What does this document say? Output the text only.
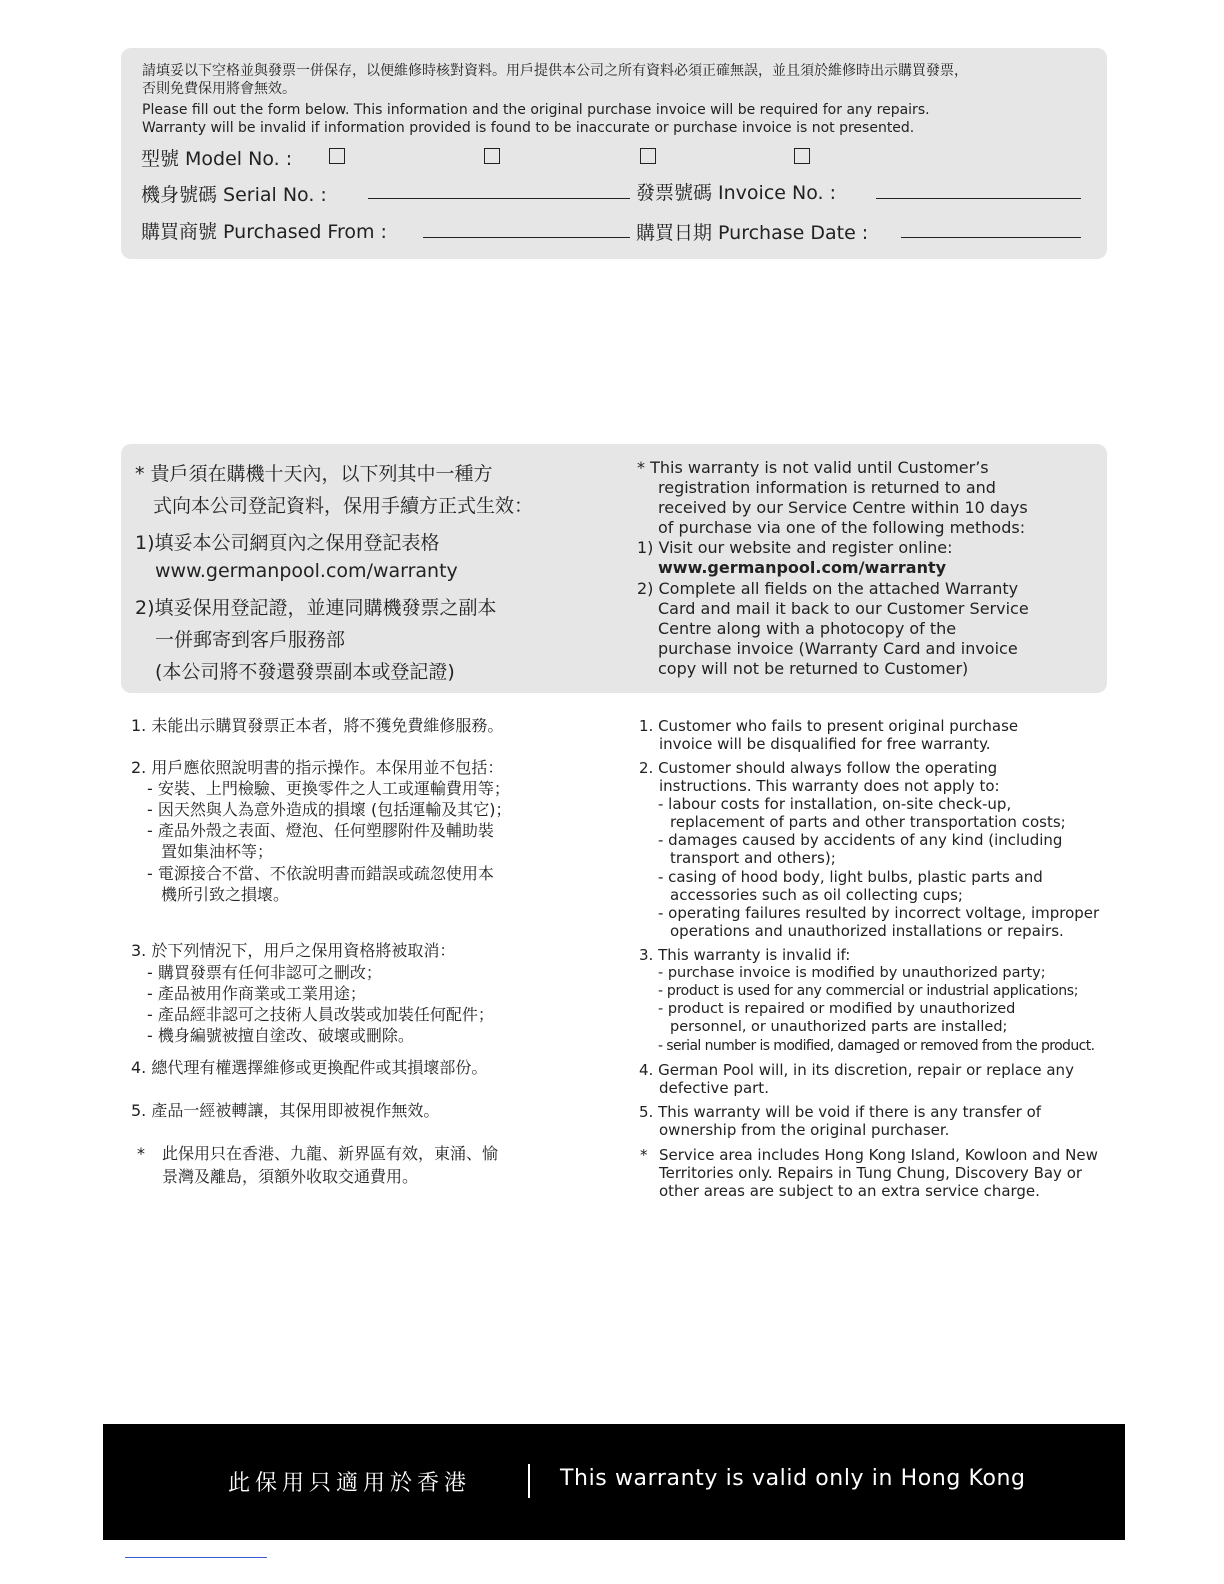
請填妥以下空格並與發票一併保存，以便維修時核對資料。用戶提供本公司之所有資料必須正確無誤，並且須於維修時出示購買發票，
否則免費保用將會無效。
Please fill out the form below. This information and the original purchase invoice will be required for any repairs.
Warranty will be invalid if information provided is found to be inaccurate or purchase invoice is not presented.
型號 Model No. :
機身號碼 Serial No. :	發票號碼 Invoice No. :
購買商號 Purchased From :	購買日期 Purchase Date :
* 貴戶須在購機十天內，以下列其中一種方
式向本公司登記資料，保用手續方正式生效：
1)填妥本公司網頁內之保用登記表格
www.germanpool.com/warranty
2)填妥保用登記證，並連同購機發票之副本
一併郵寄到客戶服務部
(本公司將不發還發票副本或登記證)
* This warranty is not valid until Customer’s
registration information is returned to and
received by our Service Centre within 10 days
of purchase via one of the following methods:
1) Visit our website and register online:
www.germanpool.com/warranty
2) Complete all fields on the attached Warranty
Card and mail it back to our Customer Service
Centre along with a photocopy of the
purchase invoice (Warranty Card and invoice
copy will not be returned to Customer)
1. 未能出示購買發票正本者，將不獲免費維修服務。
2. 用戶應依照說明書的指示操作。本保用並不包括：
- 安裝、上門檢驗、更換零件之人工或運輸費用等；
- 因天然與人為意外造成的損壞 (包括運輸及其它)；
- 產品外殼之表面、燈泡、任何塑膠附件及輔助裝
置如集油杯等；
- 電源接合不當、不依說明書而錯誤或疏忽使用本
機所引致之損壞。
3. 於下列情況下，用戶之保用資格將被取消：
- 購買發票有任何非認可之刪改；
- 產品被用作商業或工業用途；
- 產品經非認可之技術人員改裝或加裝任何配件；
- 機身編號被擅自塗改、破壞或刪除。
4. 總代理有權選擇維修或更換配件或其損壞部份。
5. 產品一經被轉讓，其保用即被視作無效。
* 此保用只在香港、九龍、新界區有效，東涌、愉
景灣及離島，須額外收取交通費用。
1. Customer who fails to present original purchase
invoice will be disqualified for free warranty.
2. Customer should always follow the operating
instructions. This warranty does not apply to:
- labour costs for installation, on-site check-up,
replacement of parts and other transportation costs;
- damages caused by accidents of any kind (including
transport and others);
- casing of hood body, light bulbs, plastic parts and
accessories such as oil collecting cups;
- operating failures resulted by incorrect voltage, improper
operations and unauthorized installations or repairs.
3. This warranty is invalid if:
- purchase invoice is modified by unauthorized party;
- product is used for any commercial or industrial applications;
- product is repaired or modified by unauthorized
personnel, or unauthorized parts are installed;
- serial number is modified, damaged or removed from the product.
4. German Pool will, in its discretion, repair or replace any
defective part.
5. This warranty will be void if there is any transfer of
ownership from the original purchaser.
* Service area includes Hong Kong Island, Kowloon and New
Territories only. Repairs in Tung Chung, Discovery Bay or
other areas are subject to an extra service charge.
此保用只適用於香港	This warranty is valid only in Hong Kong
